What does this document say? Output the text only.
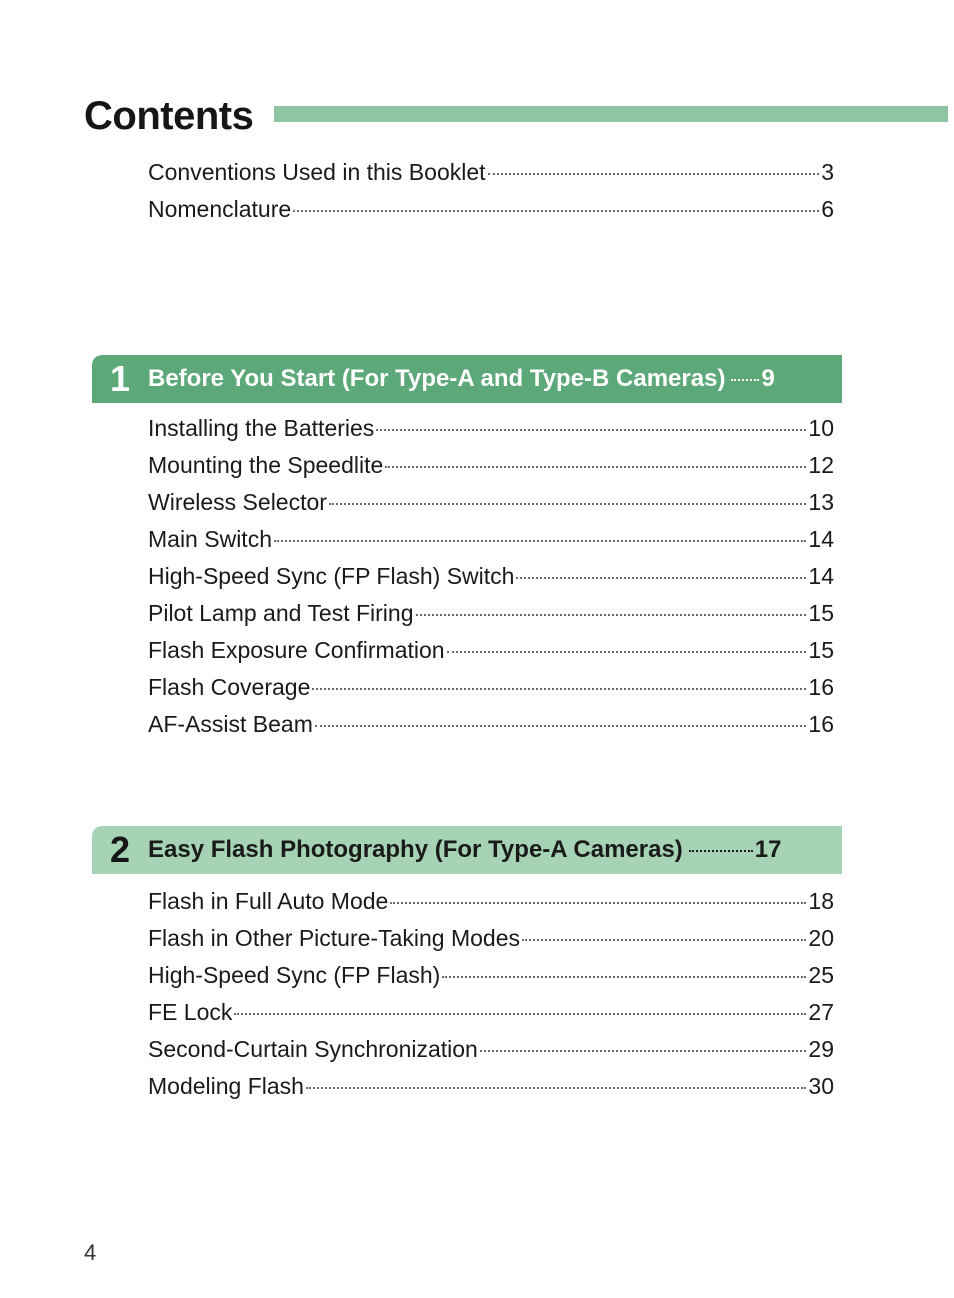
Contents
Conventions Used in this Booklet	3
Nomenclature	6
1 Before You Start (For Type-A and Type-B Cameras) 9
Installing the Batteries	10
Mounting the Speedlite	12
Wireless Selector	13
Main Switch	14
High-Speed Sync (FP Flash) Switch	14
Pilot Lamp and Test Firing	15
Flash Exposure Confirmation	15
Flash Coverage	16
AF-Assist Beam	16
2 Easy Flash Photography (For Type-A Cameras)	17
Flash in Full Auto Mode	18
Flash in Other Picture-Taking Modes	20
High-Speed Sync (FP Flash)	25
FE Lock	27
Second-Curtain Synchronization	29
Modeling Flash	30
4
